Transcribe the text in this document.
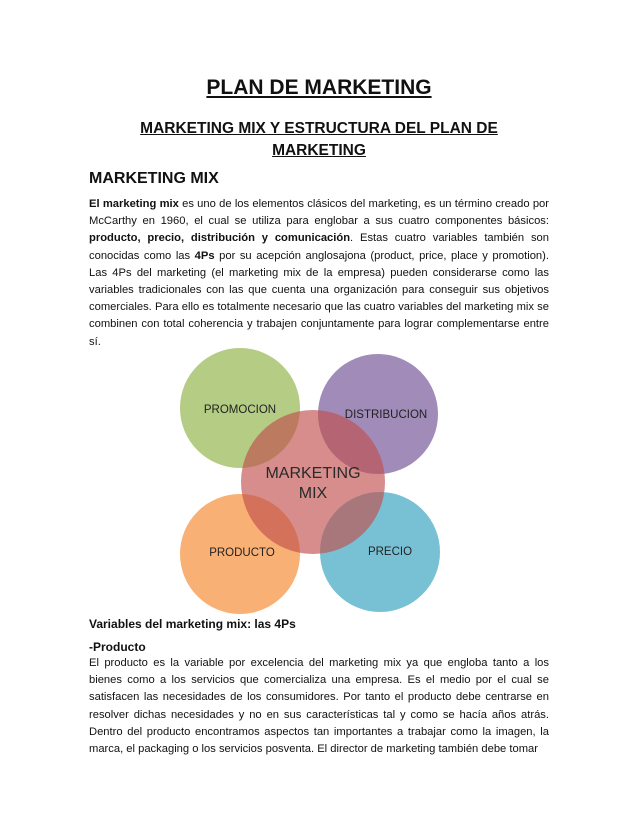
PLAN DE MARKETING
MARKETING MIX Y ESTRUCTURA DEL PLAN DE
MARKETING
MARKETING MIX

El marketing mix es uno de los elementos clásicos del marketing, es un término creado por McCarthy en 1960, el cual se utiliza para englobar a sus cuatro componentes básicos: producto, precio, distribución y comunicación. Estas cuatro variables también son conocidas como las 4Ps por su acepción anglosajona (product, price, place y promotion). Las 4Ps del marketing (el marketing mix de la empresa) pueden considerarse como las variables tradicionales con las que cuenta una organización para conseguir sus objetivos comerciales. Para ello es totalmente necesario que las cuatro variables del marketing mix se combinen con total coherencia y trabajen conjuntamente para lograr complementarse entre sí.

PROMOCION	DISTRIBUCION
PRODUCTO	PRECIO
MARKETING
MIX
Variables del marketing mix: las 4Ps
-Producto

El producto es la variable por excelencia del marketing mix ya que engloba tanto a los bienes como a los servicios que comercializa una empresa. Es el medio por el cual se satisfacen las necesidades de los consumidores. Por tanto el producto debe centrarse en resolver dichas necesidades y no en sus características tal y como se hacía años atrás. Dentro del producto encontramos aspectos tan importantes a trabajar como la imagen, la marca, el packaging o los servicios posventa. El director de marketing también debe tomar
